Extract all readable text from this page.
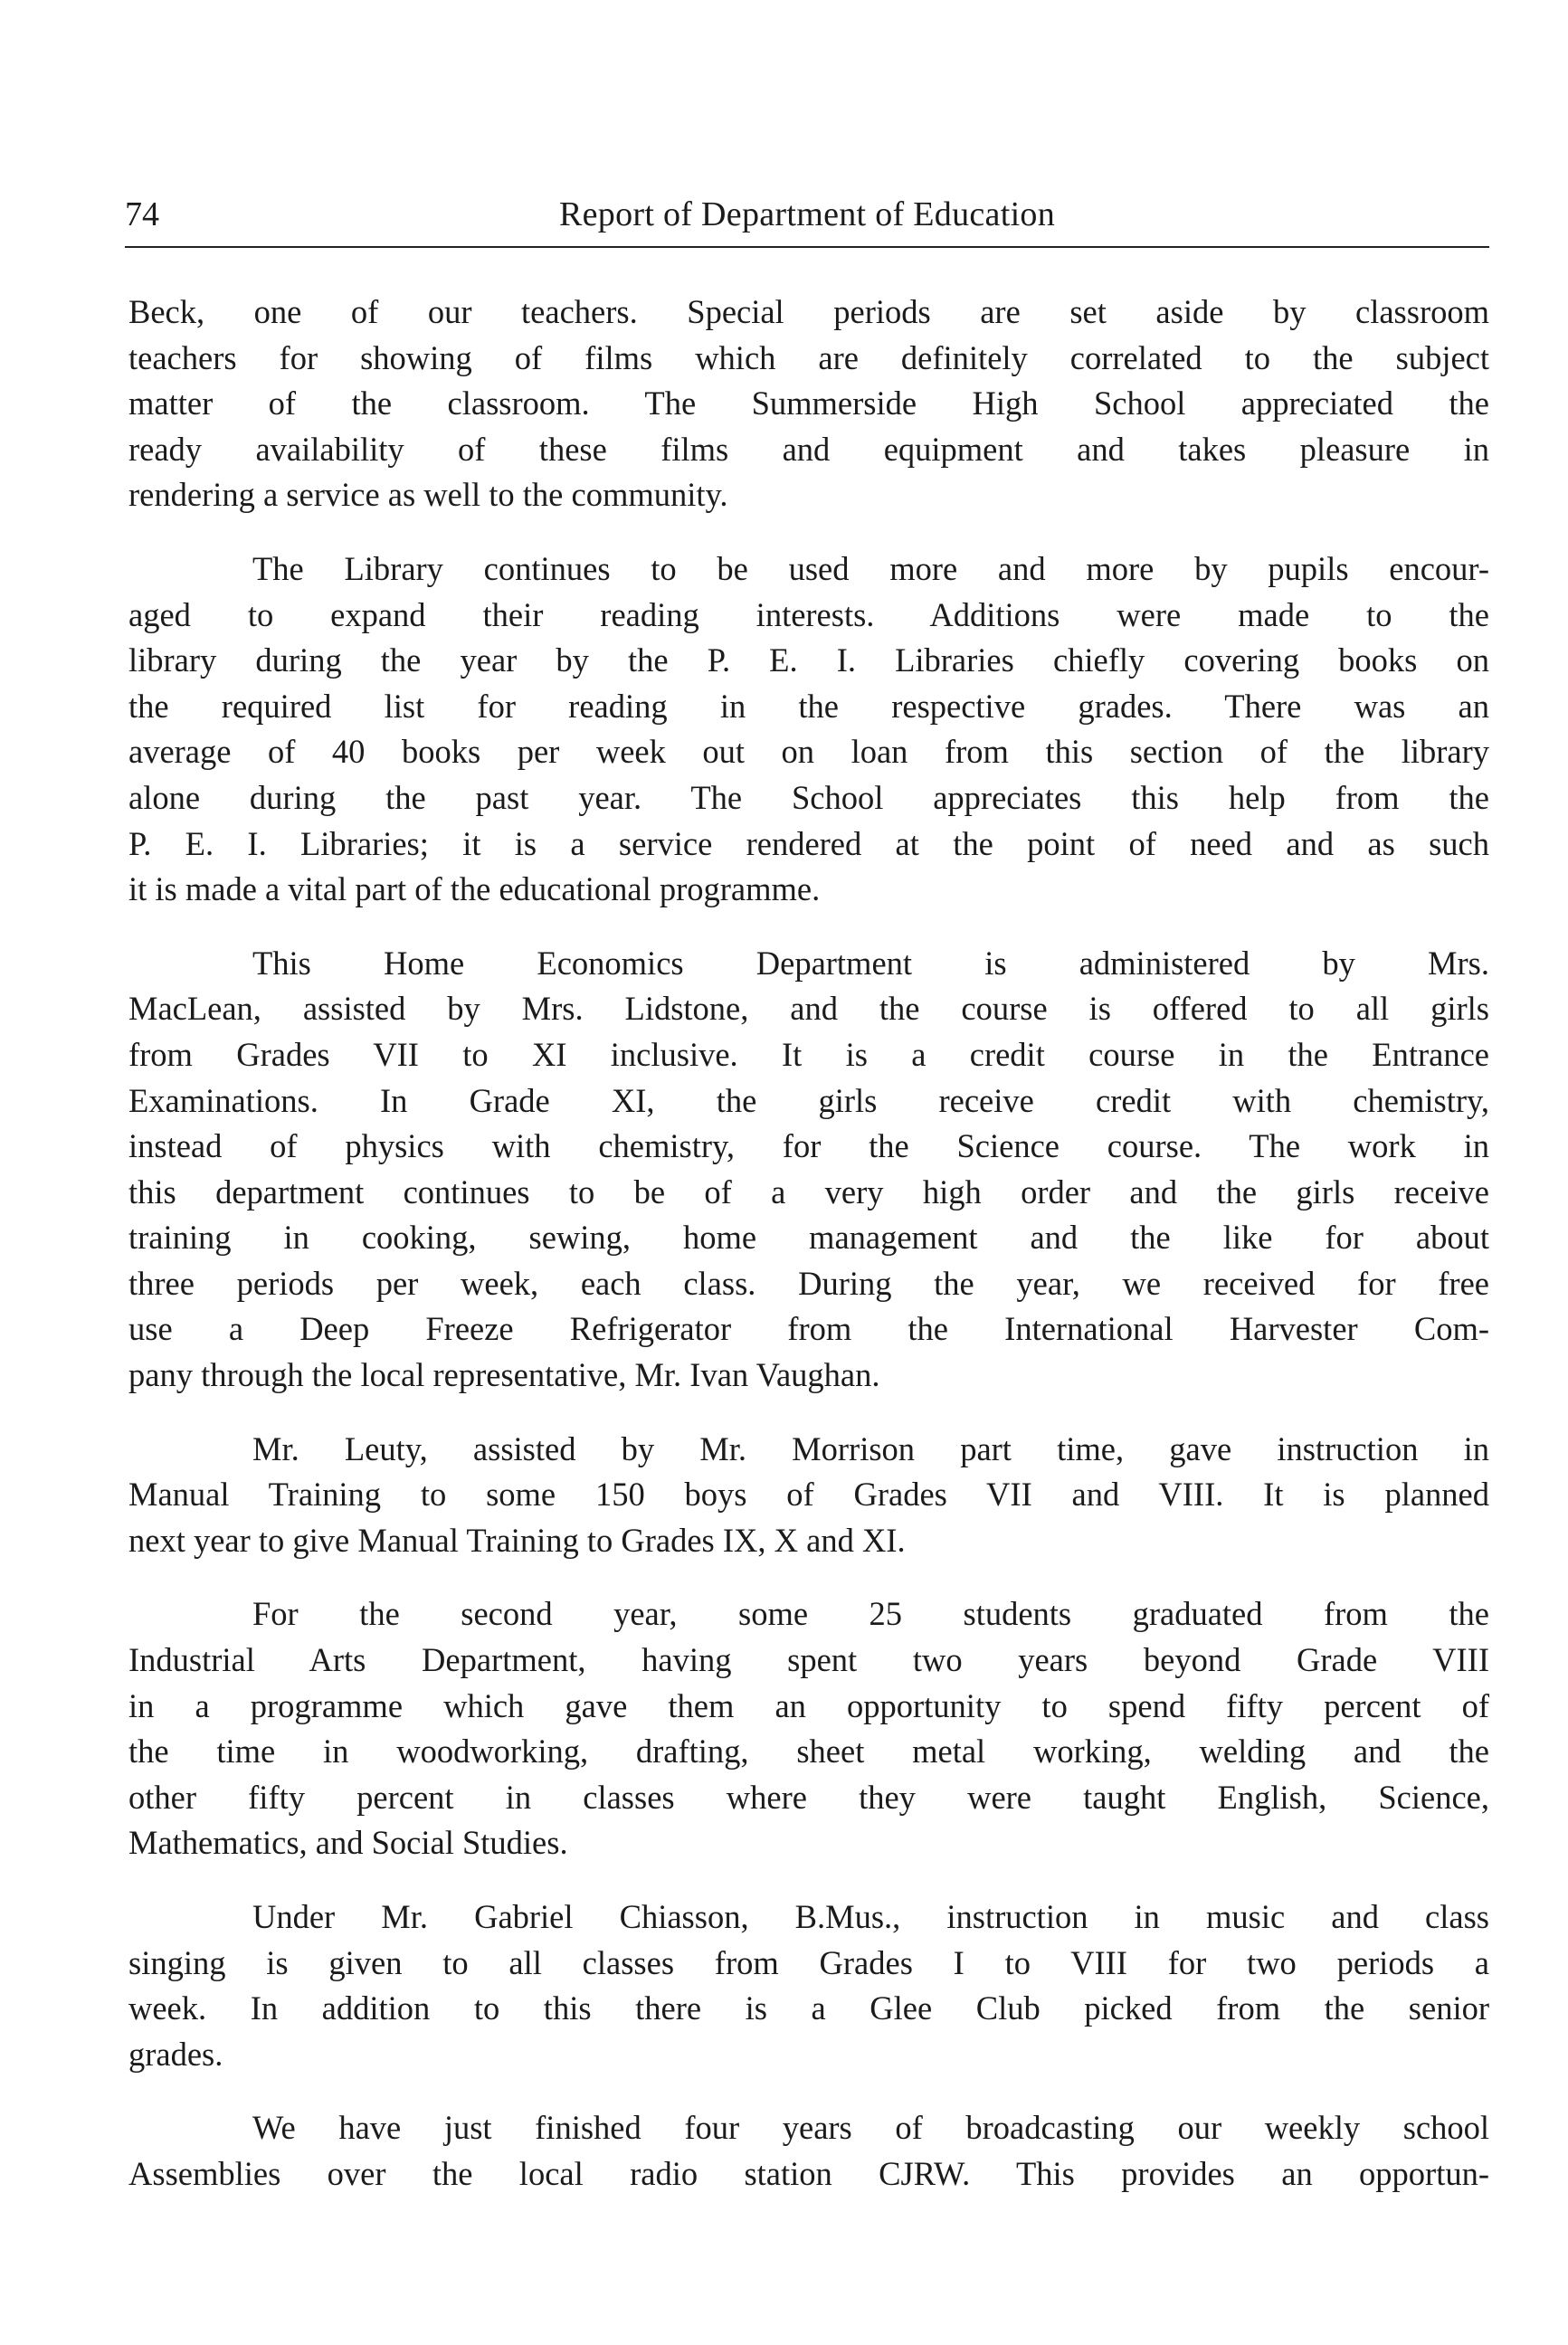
74	Report of Department of Education

Beck, one of our teachers. Special periods are set aside by classroom
teachers for showing of films which are definitely correlated to the subject
matter of the classroom. The Summerside High School appreciated the
ready availability of these films and equipment and takes pleasure in
rendering a service as well to the community.

The Library continues to be used more and more by pupils encour-
aged to expand their reading interests. Additions were made to the
library during the year by the P. E. I. Libraries chiefly covering books on
the required list for reading in the respective grades. There was an
average of 40 books per week out on loan from this section of the library
alone during the past year. The School appreciates this help from the
P. E. I. Libraries; it is a service rendered at the point of need and as such
it is made a vital part of the educational programme.

This Home Economics Department is administered by Mrs.
MacLean, assisted by Mrs. Lidstone, and the course is offered to all girls
from Grades VII to XI inclusive. It is a credit course in the Entrance
Examinations. In Grade XI, the girls receive credit with chemistry,
instead of physics with chemistry, for the Science course. The work in
this department continues to be of a very high order and the girls receive
training in cooking, sewing, home management and the like for about
three periods per week, each class. During the year, we received for free
use a Deep Freeze Refrigerator from the International Harvester Com-
pany through the local representative, Mr. Ivan Vaughan.

Mr. Leuty, assisted by Mr. Morrison part time, gave instruction in
Manual Training to some 150 boys of Grades VII and VIII. It is planned
next year to give Manual Training to Grades IX, X and XI.

For the second year, some 25 students graduated from the
Industrial Arts Department, having spent two years beyond Grade VIII
in a programme which gave them an opportunity to spend fifty percent of
the time in woodworking, drafting, sheet metal working, welding and the
other fifty percent in classes where they were taught English, Science,
Mathematics, and Social Studies.

Under Mr. Gabriel Chiasson, B.Mus., instruction in music and class
singing is given to all classes from Grades I to VIII for two periods a
week. In addition to this there is a Glee Club picked from the senior
grades.

We have just finished four years of broadcasting our weekly school
Assemblies over the local radio station CJRW. This provides an opportun-
